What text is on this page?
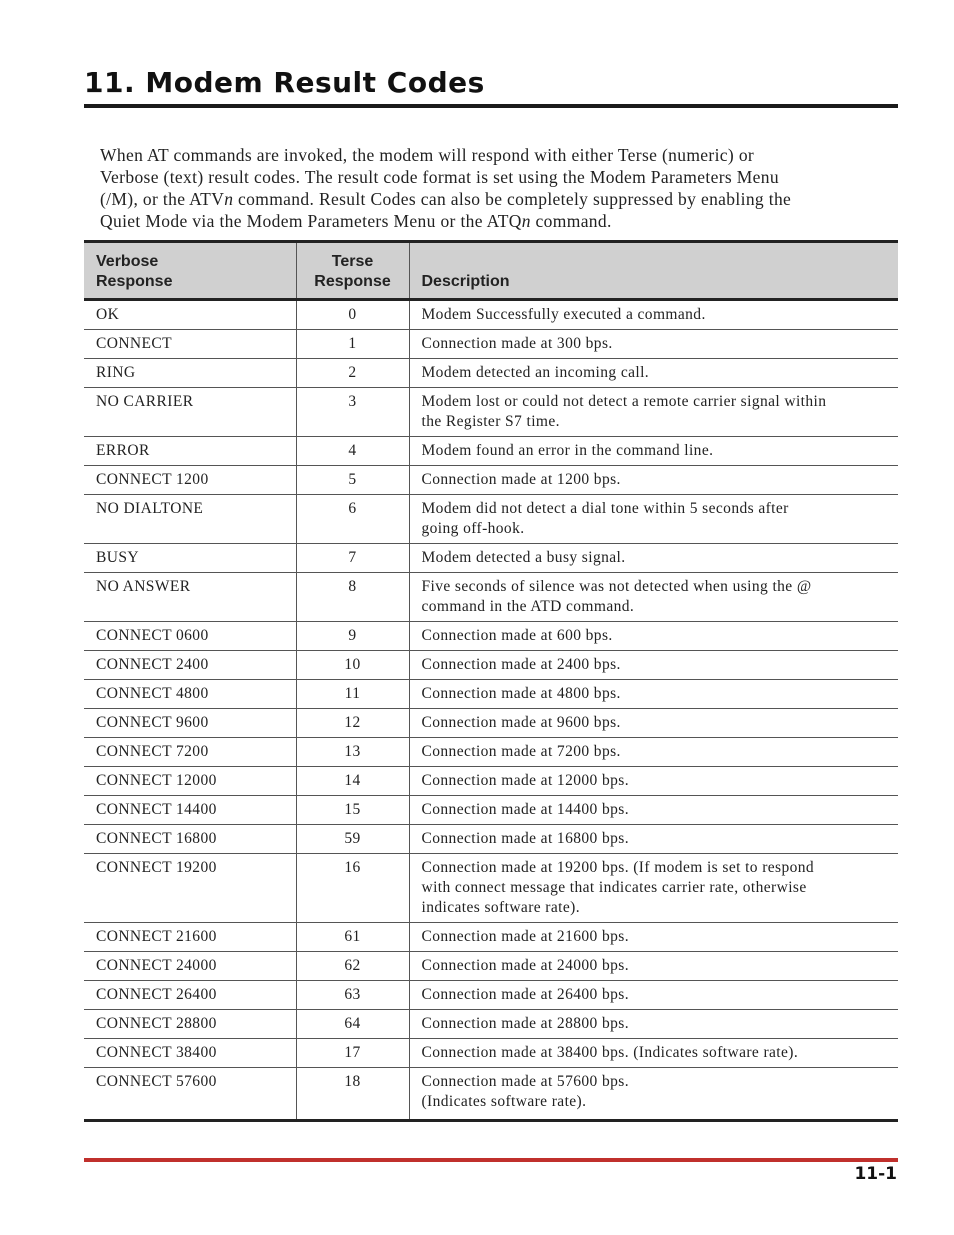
11. Modem Result Codes

When AT commands are invoked, the modem will respond with either Terse (numeric) or

Verbose (text) result codes. The result code format is set using the Modem Parameters Menu

(/M), or the ATVn command. Result Codes can also be completely suppressed by enabling the

Quiet Mode via the Modem Parameters Menu or the ATQn command.

Verbose
Response	Terse
Response	Description
OK	0	Modem Successfully executed a command.

CONNECT	1	Connection made at 300 bps.

RING	2	Modem detected an incoming call.

NO CARRIER	3	Modem lost or could not detect a remote carrier signal within
the Register S7 time.

ERROR	4	Modem found an error in the command line.

CONNECT 1200	5	Connection made at 1200 bps.

NO DIALTONE	6	Modem did not detect a dial tone within 5 seconds after
going off-hook.

BUSY	7	Modem detected a busy signal.

NO ANSWER	8	Five seconds of silence was not detected when using the @
command in the ATD command.

CONNECT 0600	9	Connection made at 600 bps.

CONNECT 2400	10	Connection made at 2400 bps.

CONNECT 4800	11	Connection made at 4800 bps.

CONNECT 9600	12	Connection made at 9600 bps.

CONNECT 7200	13	Connection made at 7200 bps.

CONNECT 12000	14	Connection made at 12000 bps.

CONNECT 14400	15	Connection made at 14400 bps.

CONNECT 16800	59	Connection made at 16800 bps.

CONNECT 19200	16	Connection made at 19200 bps. (If modem is set to respond
with connect message that indicates carrier rate, otherwise
indicates software rate).

CONNECT 21600	61	Connection made at 21600 bps.

CONNECT 24000	62	Connection made at 24000 bps.

CONNECT 26400	63	Connection made at 26400 bps.

CONNECT 28800	64	Connection made at 28800 bps.

CONNECT 38400	17	Connection made at 38400 bps. (Indicates software rate).

CONNECT 57600	18	Connection made at 57600 bps.
(Indicates software rate).
11-1
